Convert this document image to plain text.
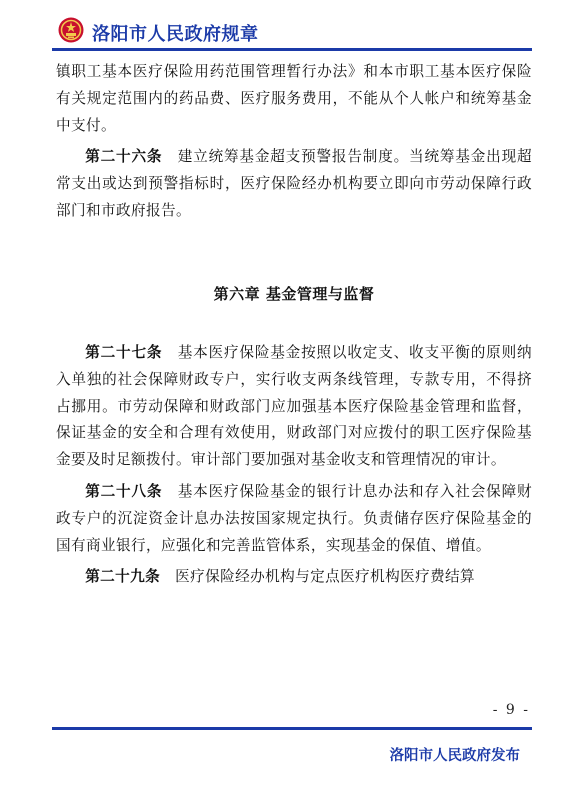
洛阳市人民政府规章

镇职工基本医疗保险用药范围管理暂行办法》和本市职工基本医疗保险有关规定范围内的药品费、医疗服务费用，不能从个人帐户和统筹基金中支付。

第二十六条  建立统筹基金超支预警报告制度。当统筹基金出现超常支出或达到预警指标时，医疗保险经办机构要立即向市劳动保障行政部门和市政府报告。

第六章 基金管理与监督

第二十七条  基本医疗保险基金按照以收定支、收支平衡的原则纳入单独的社会保障财政专户，实行收支两条线管理，专款专用，不得挤占挪用。市劳动保障和财政部门应加强基本医疗保险基金管理和监督，保证基金的安全和合理有效使用，财政部门对应拨付的职工医疗保险基金要及时足额拨付。审计部门要加强对基金收支和管理情况的审计。

第二十八条  基本医疗保险基金的银行计息办法和存入社会保障财政专户的沉淀资金计息办法按国家规定执行。负责储存医疗保险基金的国有商业银行，应强化和完善监管体系，实现基金的保值、增值。

第二十九条  医疗保险经办机构与定点医疗机构医疗费结算

- 9 -
洛阳市人民政府发布
